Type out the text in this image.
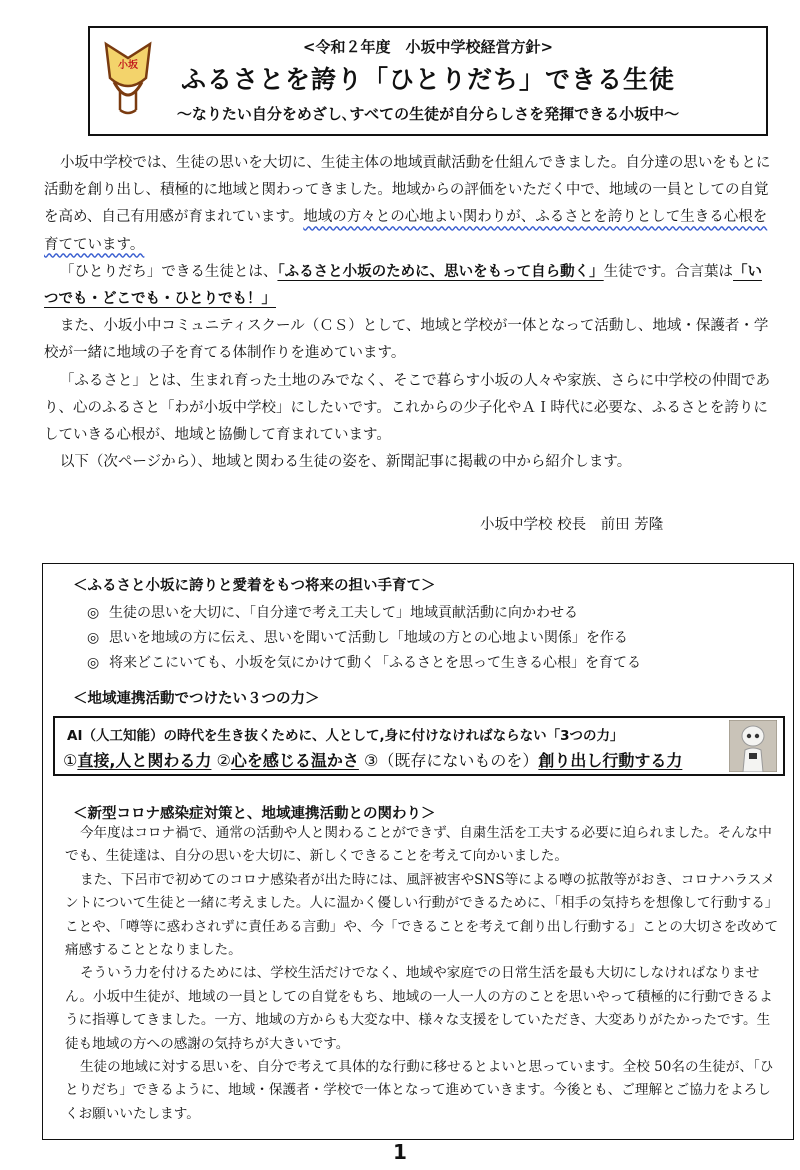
小坂
<令和２年度　小坂中学校経営方針>
ふるさとを誇り「ひとりだち」できる生徒
～なりたい自分をめざし､すべての生徒が自分らしさを発揮できる小坂中～

小坂中学校では、生徒の思いを大切に、生徒主体の地域貢献活動を仕組んできました。自分達の思いをもとに活動を創り出し、積極的に地域と関わってきました。地域からの評価をいただく中で、地域の一員としての自覚を高め、自己有用感が育まれています。地域の方々との心地よい関わりが、ふるさとを誇りとして生きる心根を育てています。

「ひとりだち」できる生徒とは、「ふるさと小坂のために、思いをもって自ら動く」生徒です。合言葉は「いつでも・どこでも・ひとりでも！」

また、小坂小中コミュニティスクール（ＣＳ）として、地域と学校が一体となって活動し、地域・保護者・学校が一緒に地域の子を育てる体制作りを進めています。

「ふるさと」とは、生まれ育った土地のみでなく、そこで暮らす小坂の人々や家族、さらに中学校の仲間であり、心のふるさと「わが小坂中学校」にしたいです。これからの少子化やＡＩ時代に必要な、ふるさとを誇りにしていきる心根が、地域と協働して育まれています。

以下（次ページから）、地域と関わる生徒の姿を、新聞記事に掲載の中から紹介します。

小坂中学校 校長　前田 芳隆
＜ふるさと小坂に誇りと愛着をもつ将来の担い手育て＞
◎ 生徒の思いを大切に、「自分達で考え工夫して」地域貢献活動に向かわせる
◎ 思いを地域の方に伝え、思いを聞いて活動し「地域の方との心地よい関係」を作る
◎ 将来どこにいても、小坂を気にかけて動く「ふるさとを思って生きる心根」を育てる
＜地域連携活動でつけたい３つの力＞
AI（人工知能）の時代を生き抜くために、人として,身に付けなければならない「3つの力」
①直接,人と関わる力 ②心を感じる温かさ ③（既存にないものを）創り出し行動する力
＜新型コロナ感染症対策と、地域連携活動との関わり＞

今年度はコロナ禍で、通常の活動や人と関わることができず、自粛生活を工夫する必要に迫られました。そんな中でも、生徒達は、自分の思いを大切に、新しくできることを考えて向かいました。

また、下呂市で初めてのコロナ感染者が出た時には、風評被害やSNS等による噂の拡散等がおき、コロナハラスメントについて生徒と一緒に考えました。人に温かく優しい行動ができるために、「相手の気持ちを想像して行動する」ことや、「噂等に惑わされずに責任ある言動」や、今「できることを考えて創り出し行動する」ことの大切さを改めて痛感することとなりました。

そういう力を付けるためには、学校生活だけでなく、地域や家庭での日常生活を最も大切にしなければなりません。小坂中生徒が、地域の一員としての自覚をもち、地域の一人一人の方のことを思いやって積極的に行動できるように指導してきました。一方、地域の方からも大変な中、様々な支援をしていただき、大変ありがたかったです。生徒も地域の方への感謝の気持ちが大きいです。

生徒の地域に対する思いを、自分で考えて具体的な行動に移せるとよいと思っています。全校 50名の生徒が、「ひとりだち」できるように、地域・保護者・学校で一体となって進めていきます。今後とも、ご理解とご協力をよろしくお願いいたします。

1
